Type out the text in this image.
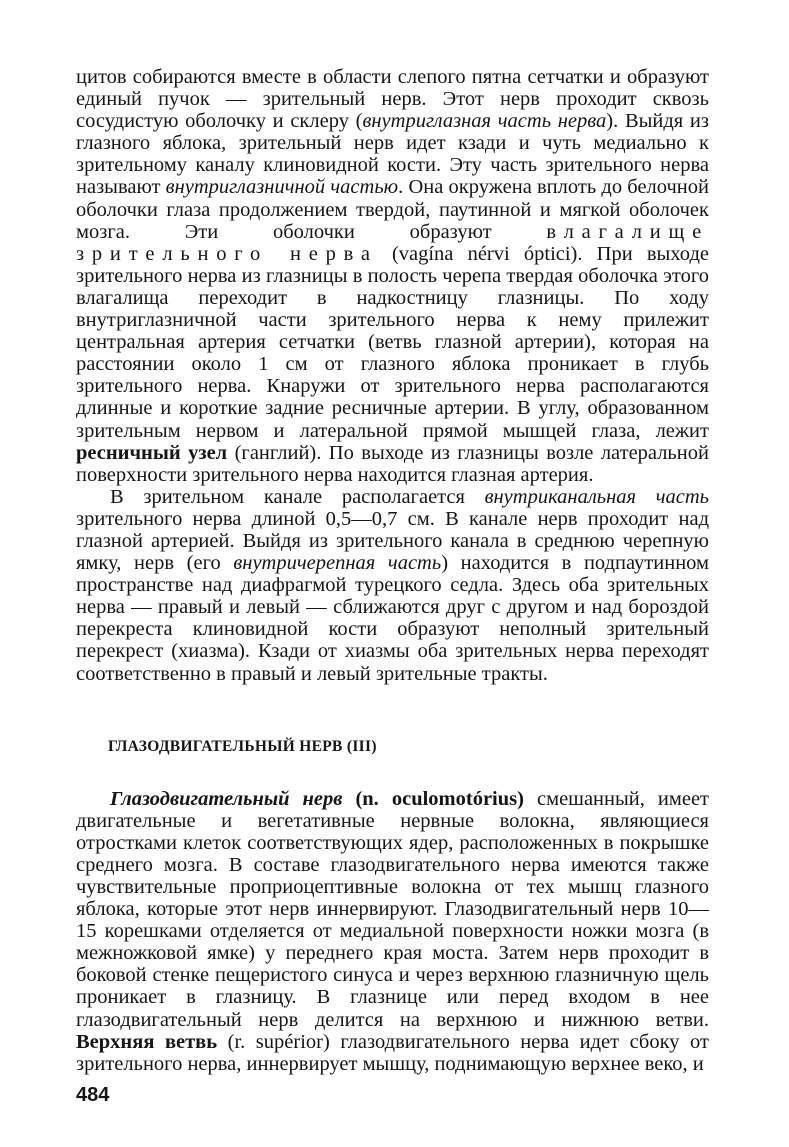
цитов собираются вместе в области слепого пятна сетчатки и образуют единый пучок — зрительный нерв. Этот нерв проходит сквозь сосудистую оболочку и склеру (внутриглазная часть нерва). Выйдя из глазного яблока, зрительный нерв идет кзади и чуть медиально к зрительному каналу клиновидной кости. Эту часть зрительного нерва называют внутриглазничной частью. Она окружена вплоть до белочной оболочки глаза продолжением твердой, паутинной и мягкой оболочек мозга. Эти оболочки образуют влагалище зрительного нерва (vagína nérvi óptici). При выходе зрительного нерва из глазницы в полость черепа твердая оболочка этого влагалища переходит в надкостницу глазницы. По ходу внутриглазничной части зрительного нерва к нему прилежит центральная артерия сетчатки (ветвь глазной артерии), которая на расстоянии около 1 см от глазного яблока проникает в глубь зрительного нерва. Кнаружи от зрительного нерва располагаются длинные и короткие задние ресничные артерии. В углу, образованном зрительным нервом и латеральной прямой мышцей глаза, лежит ресничный узел (ганглий). По выходе из глазницы возле латеральной поверхности зрительного нерва находится глазная артерия.

В зрительном канале располагается внутриканальная часть зрительного нерва длиной 0,5—0,7 см. В канале нерв проходит над глазной артерией. Выйдя из зрительного канала в среднюю черепную ямку, нерв (его внутричерепная часть) находится в подпаутинном пространстве над диафрагмой турецкого седла. Здесь оба зрительных нерва — правый и левый — сближаются друг с другом и над бороздой перекреста клиновидной кости образуют неполный зрительный перекрест (хиазма). Кзади от хиазмы оба зрительных нерва переходят соответственно в правый и левый зрительные тракты.

ГЛАЗОДВИГАТЕЛЬНЫЙ НЕРВ (III)

Глазодвигательный нерв (n. oculomotórius) смешанный, имеет двигательные и вегетативные нервные волокна, являющиеся отростками клеток соответствующих ядер, расположенных в покрышке среднего мозга. В составе глазодвигательного нерва имеются также чувствительные проприоцептивные волокна от тех мышц глазного яблока, которые этот нерв иннервируют. Глазодвигательный нерв 10—15 корешками отделяется от медиальной поверхности ножки мозга (в межножковой ямке) у переднего края моста. Затем нерв проходит в боковой стенке пещеристого синуса и через верхнюю глазничную щель проникает в глазницу. В глазнице или перед входом в нее глазодвигательный нерв делится на верхнюю и нижнюю ветви. Верхняя ветвь (r. supérior) глазодвигательного нерва идет сбоку от зрительного нерва, иннервирует мышцу, поднимающую верхнее веко, и

484
